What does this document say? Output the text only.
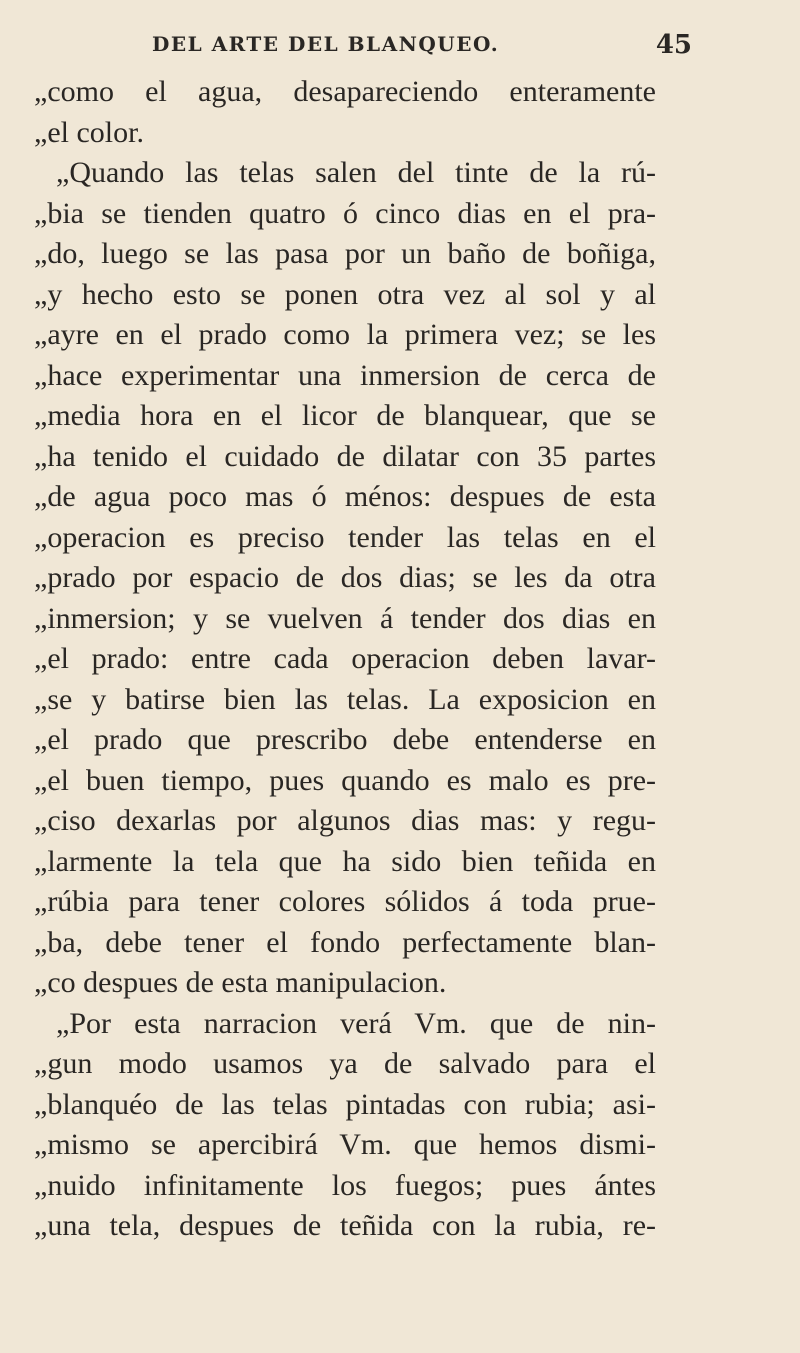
DEL ARTE DEL BLANQUEO.	45
„como el agua, desapareciendo enteramente
„el color.
„Quando las telas salen del tinte de la rú-
„bia se tienden quatro ó cinco dias en el pra-
„do, luego se las pasa por un baño de boñiga,
„y hecho esto se ponen otra vez al sol y al
„ayre en el prado como la primera vez; se les
„hace experimentar una inmersion de cerca de
„media hora en el licor de blanquear, que se
„ha tenido el cuidado de dilatar con 35 partes
„de agua poco mas ó ménos: despues de esta
„operacion es preciso tender las telas en el
„prado por espacio de dos dias; se les da otra
„inmersion; y se vuelven á tender dos dias en
„el prado: entre cada operacion deben lavar-
„se y batirse bien las telas. La exposicion en
„el prado que prescribo debe entenderse en
„el buen tiempo, pues quando es malo es pre-
„ciso dexarlas por algunos dias mas: y regu-
„larmente la tela que ha sido bien teñida en
„rúbia para tener colores sólidos á toda prue-
„ba, debe tener el fondo perfectamente blan-
„co despues de esta manipulacion.
„Por esta narracion verá Vm. que de nin-
„gun modo usamos ya de salvado para el
„blanquéo de las telas pintadas con rubia; asi-
„mismo se apercibirá Vm. que hemos dismi-
„nuido infinitamente los fuegos; pues ántes
„una tela, despues de teñida con la rubia, re-
